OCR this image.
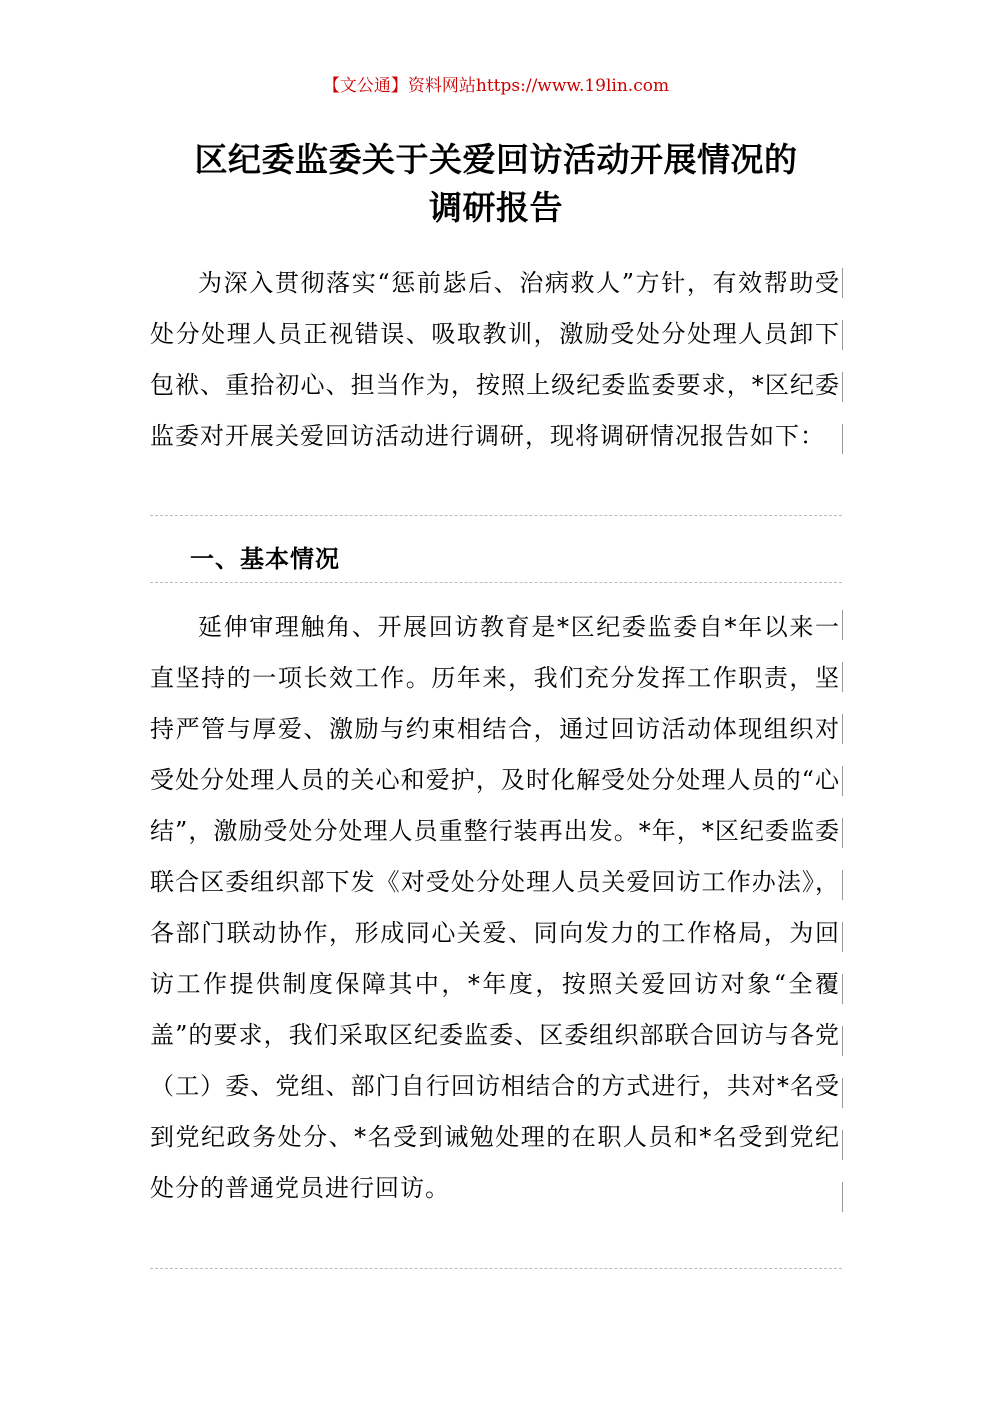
【文公通】资料网站https://www.19lin.com
区纪委监委关于关爱回访活动开展情况的
调研报告
为深入贯彻落实“惩前毖后、治病救人”方针，有效帮助受处分处理人员正视错误、吸取教训，激励受处分处理人员卸下包袱、重拾初心、担当作为，按照上级纪委监委要求，*区纪委监委对开展关爱回访活动进行调研，现将调研情况报告如下：
一、基本情况
延伸审理触角、开展回访教育是*区纪委监委自*年以来一直坚持的一项长效工作。历年来，我们充分发挥工作职责，坚持严管与厚爱、激励与约束相结合，通过回访活动体现组织对受处分处理人员的关心和爱护，及时化解受处分处理人员的“心结”，激励受处分处理人员重整行装再出发。*年，*区纪委监委联合区委组织部下发《对受处分处理人员关爱回访工作办法》，各部门联动协作，形成同心关爱、同向发力的工作格局，为回访工作提供制度保障其中，*年度，按照关爱回访对象“全覆盖”的要求，我们采取区纪委监委、区委组织部联合回访与各党（工）委、党组、部门自行回访相结合的方式进行，共对*名受到党纪政务处分、*名受到诫勉处理的在职人员和*名受到党纪处分的普通党员进行回访。
